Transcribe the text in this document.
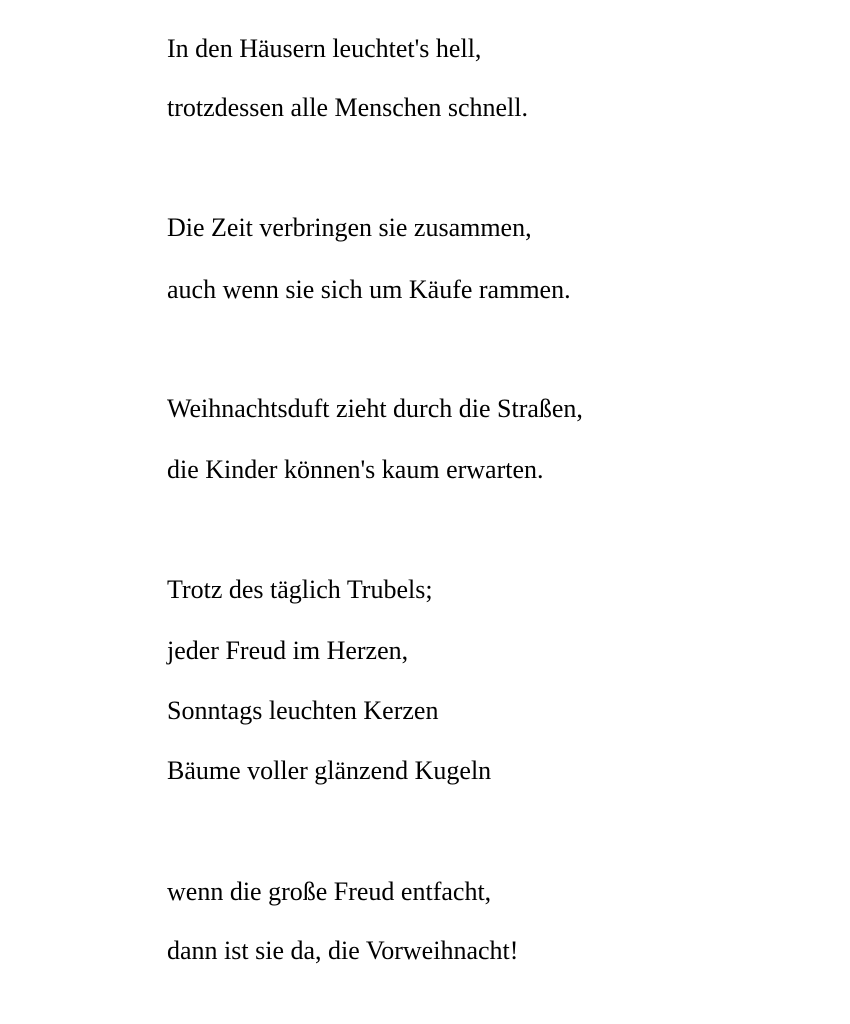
In den Häusern leuchtet's hell,
trotzdessen alle Menschen schnell.
Die Zeit verbringen sie zusammen,
auch wenn sie sich um Käufe rammen.
Weihnachtsduft zieht durch die Straßen,
die Kinder können's kaum erwarten.
Trotz des täglich Trubels;
jeder Freud im Herzen,
Sonntags leuchten Kerzen
Bäume voller glänzend Kugeln
wenn die große Freud entfacht,
dann ist sie da, die Vorweihnacht!
